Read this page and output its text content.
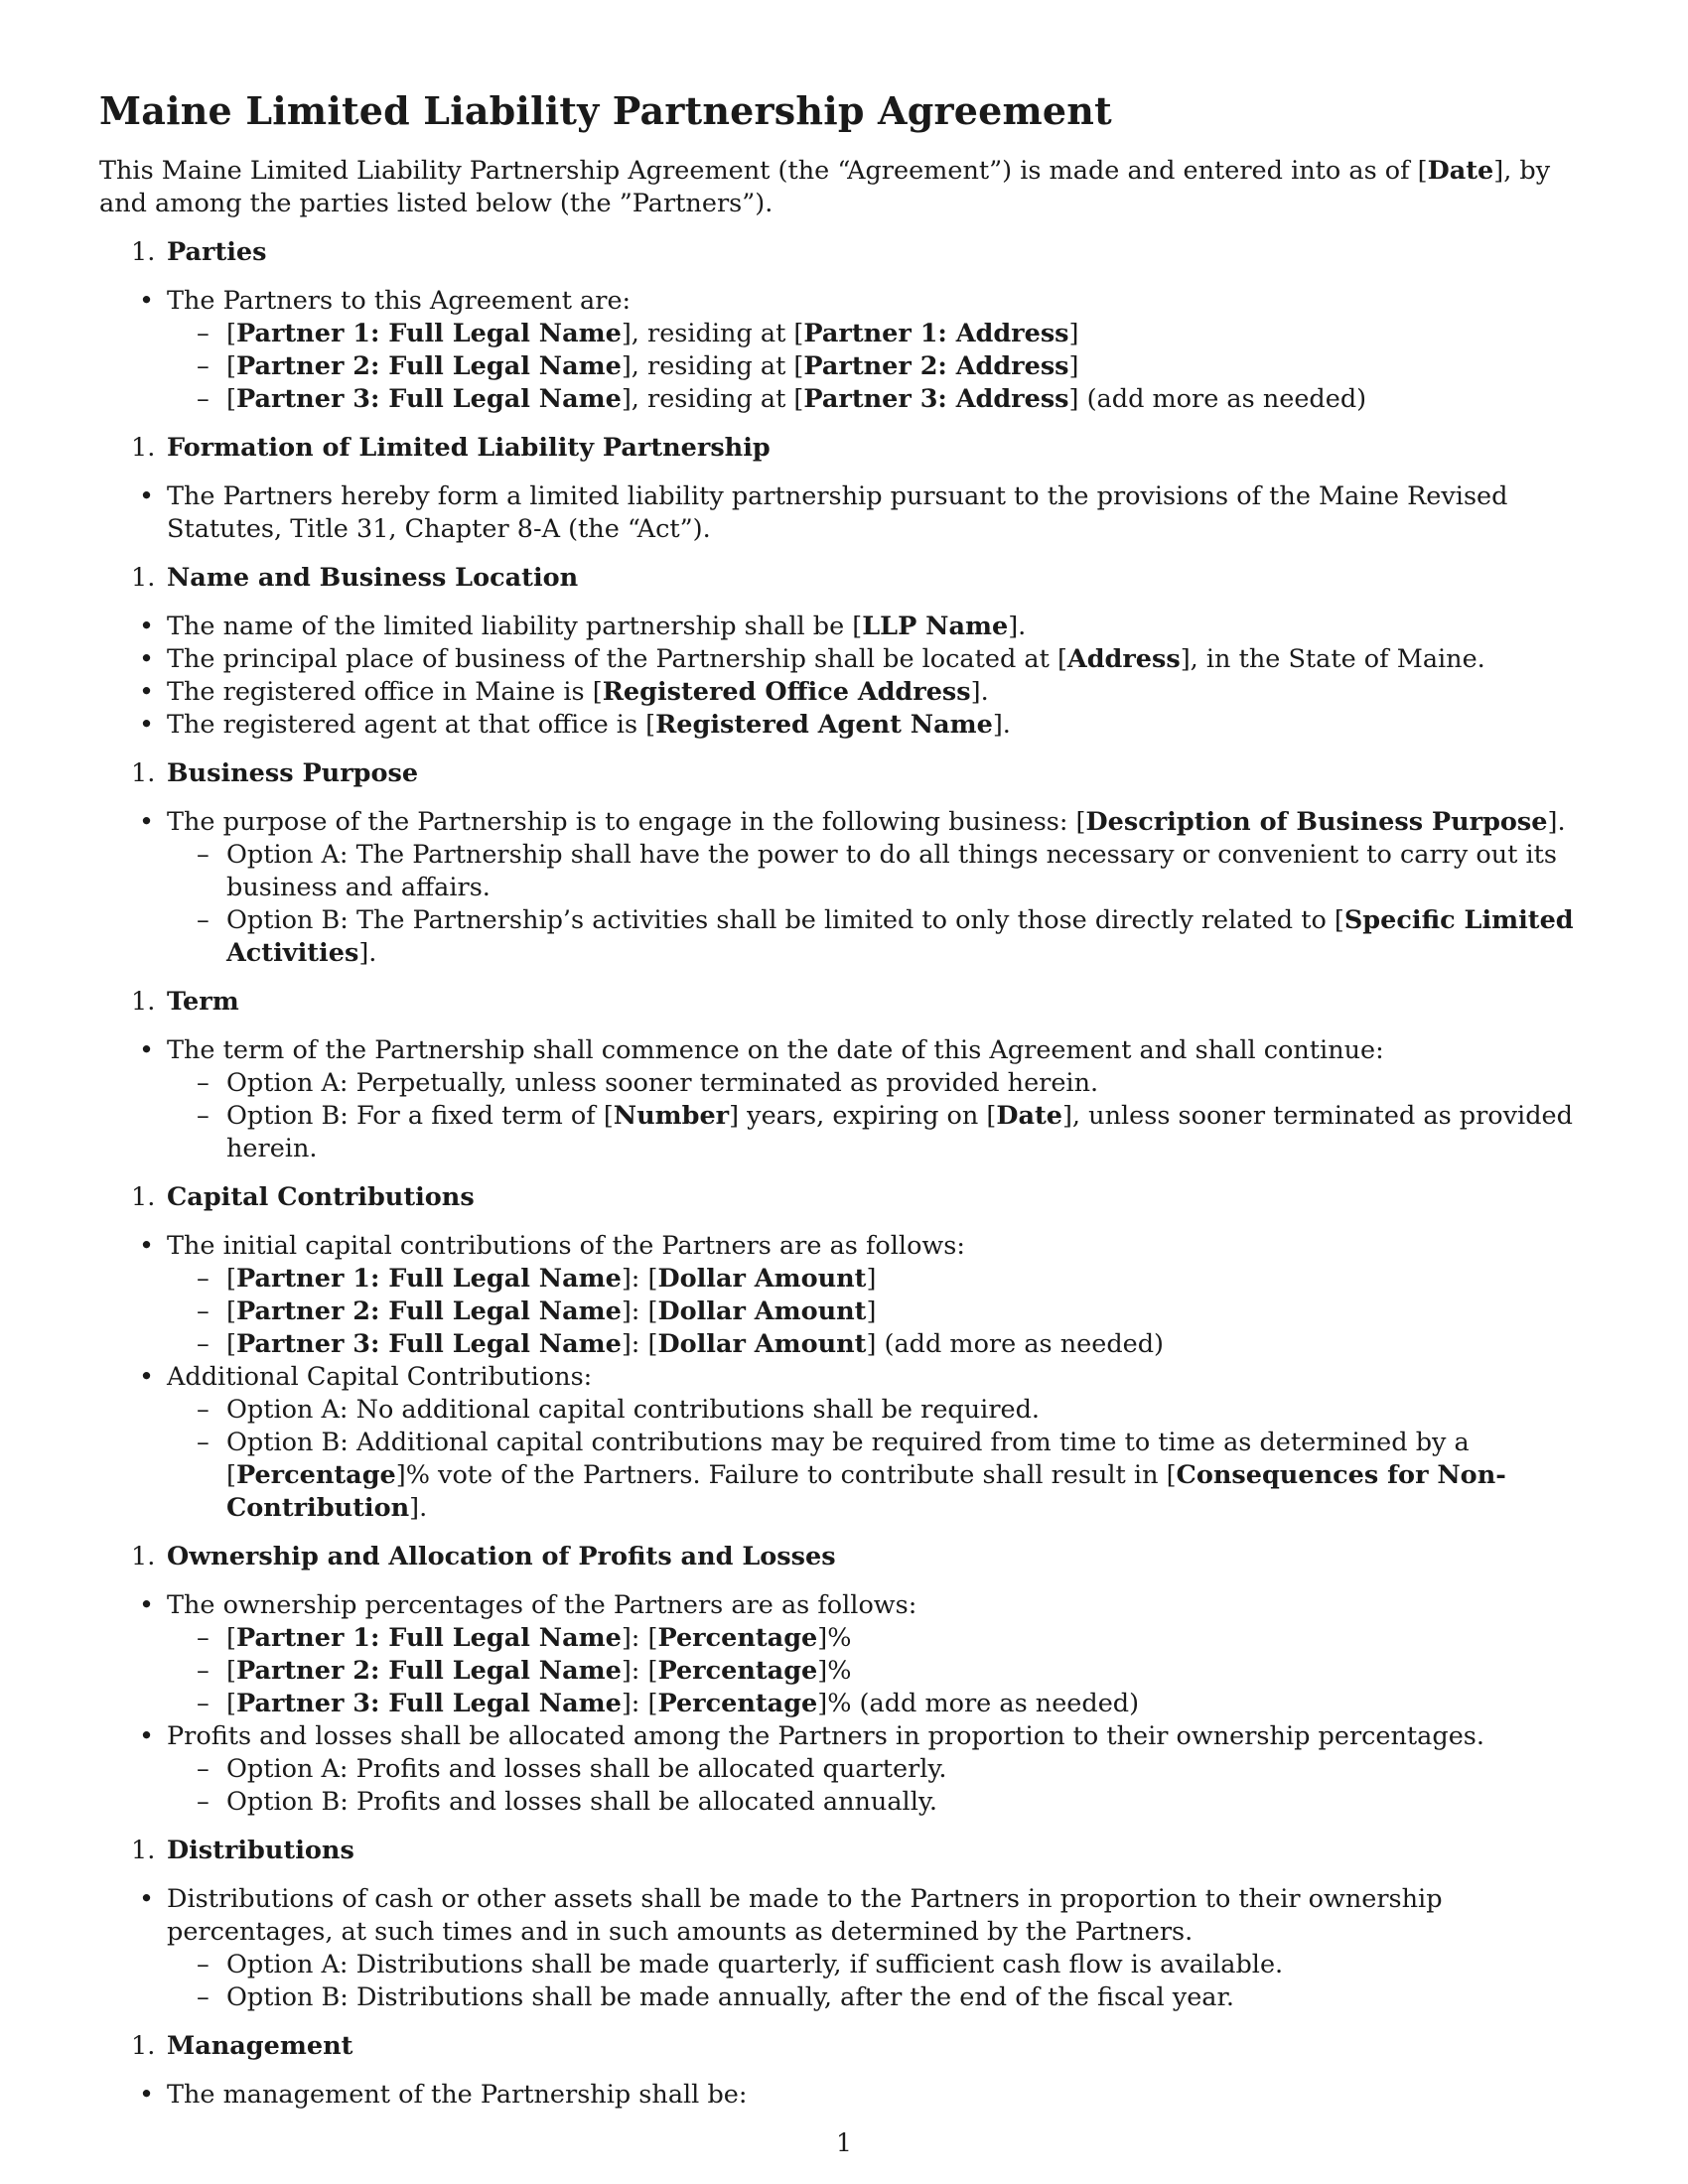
Maine Limited Liability Partnership Agreement

This Maine Limited Liability Partnership Agreement (the “Agreement”) is made and entered into as of [Date], by and among the parties listed below (the ”Partners”).

1. Parties
• The Partners to this Agreement are:
– [Partner 1: Full Legal Name], residing at [Partner 1: Address]
– [Partner 2: Full Legal Name], residing at [Partner 2: Address]
– [Partner 3: Full Legal Name], residing at [Partner 3: Address] (add more as needed)
1. Formation of Limited Liability Partnership
• The Partners hereby form a limited liability partnership pursuant to the provisions of the Maine Revised Statutes, Title 31, Chapter 8-A (the “Act”).
1. Name and Business Location
• The name of the limited liability partnership shall be [LLP Name].
• The principal place of business of the Partnership shall be located at [Address], in the State of Maine.
• The registered office in Maine is [Registered Office Address].
• The registered agent at that office is [Registered Agent Name].
1. Business Purpose
• The purpose of the Partnership is to engage in the following business: [Description of Business Purpose].
– Option A: The Partnership shall have the power to do all things necessary or convenient to carry out its business and affairs.
– Option B: The Partnership’s activities shall be limited to only those directly related to [Specific Limited Activities].
1. Term
• The term of the Partnership shall commence on the date of this Agreement and shall continue:
– Option A: Perpetually, unless sooner terminated as provided herein.
– Option B: For a fixed term of [Number] years, expiring on [Date], unless sooner terminated as provided herein.
1. Capital Contributions
• The initial capital contributions of the Partners are as follows:
– [Partner 1: Full Legal Name]: [Dollar Amount]
– [Partner 2: Full Legal Name]: [Dollar Amount]
– [Partner 3: Full Legal Name]: [Dollar Amount] (add more as needed)
• Additional Capital Contributions:
– Option A: No additional capital contributions shall be required.
– Option B: Additional capital contributions may be required from time to time as determined by a [Percentage]% vote of the Partners. Failure to contribute shall result in [Consequences for Non-Contribution].
1. Ownership and Allocation of Profits and Losses
• The ownership percentages of the Partners are as follows:
– [Partner 1: Full Legal Name]: [Percentage]%
– [Partner 2: Full Legal Name]: [Percentage]%
– [Partner 3: Full Legal Name]: [Percentage]% (add more as needed)
• Profits and losses shall be allocated among the Partners in proportion to their ownership percentages.
– Option A: Profits and losses shall be allocated quarterly.
– Option B: Profits and losses shall be allocated annually.
1. Distributions
• Distributions of cash or other assets shall be made to the Partners in proportion to their ownership percentages, at such times and in such amounts as determined by the Partners.
– Option A: Distributions shall be made quarterly, if sufficient cash flow is available.
– Option B: Distributions shall be made annually, after the end of the fiscal year.
1. Management
• The management of the Partnership shall be:
1
